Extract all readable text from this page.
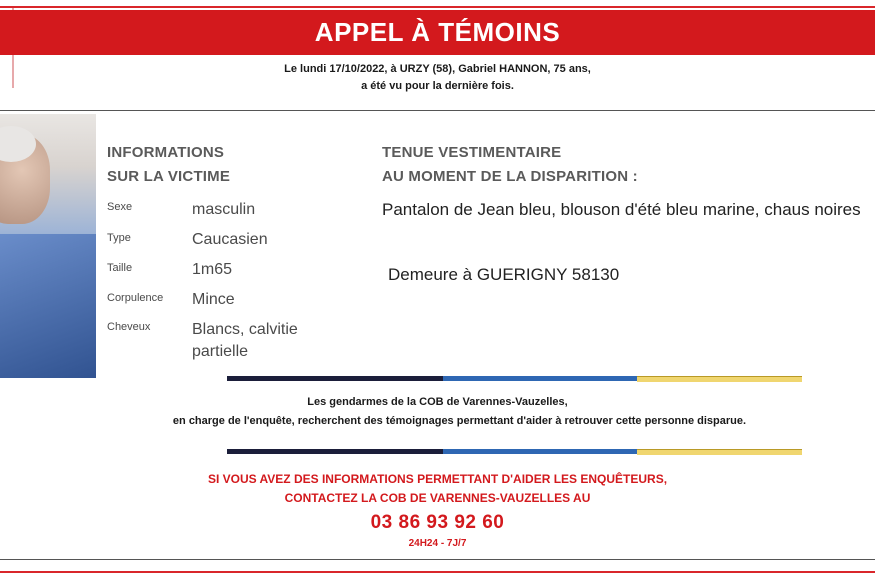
APPEL À TÉMOINS
Le lundi 17/10/2022, à URZY (58), Gabriel HANNON, 75 ans,
a été vu pour la dernière fois.
INFORMATIONS
SUR LA VICTIME
Sexe	masculin
Type	Caucasien
Taille	1m65
Corpulence Mince
Cheveux	Blancs, calvitie partielle
TENUE VESTIMENTAIRE
AU MOMENT DE LA DISPARITION :
Pantalon de Jean bleu, blouson d'été bleu marine, chaus noires
Demeure à GUERIGNY 58130
Les gendarmes de la COB de Varennes-Vauzelles,
en charge de l'enquête, recherchent des témoignages permettant d'aider à retrouver cette personne disparue.
SI VOUS AVEZ DES INFORMATIONS PERMETTANT D'AIDER LES ENQUÊTEURS,
CONTACTEZ LA COB DE VARENNES-VAUZELLES AU
03 86 93 92 60
24H24 - 7J/7
